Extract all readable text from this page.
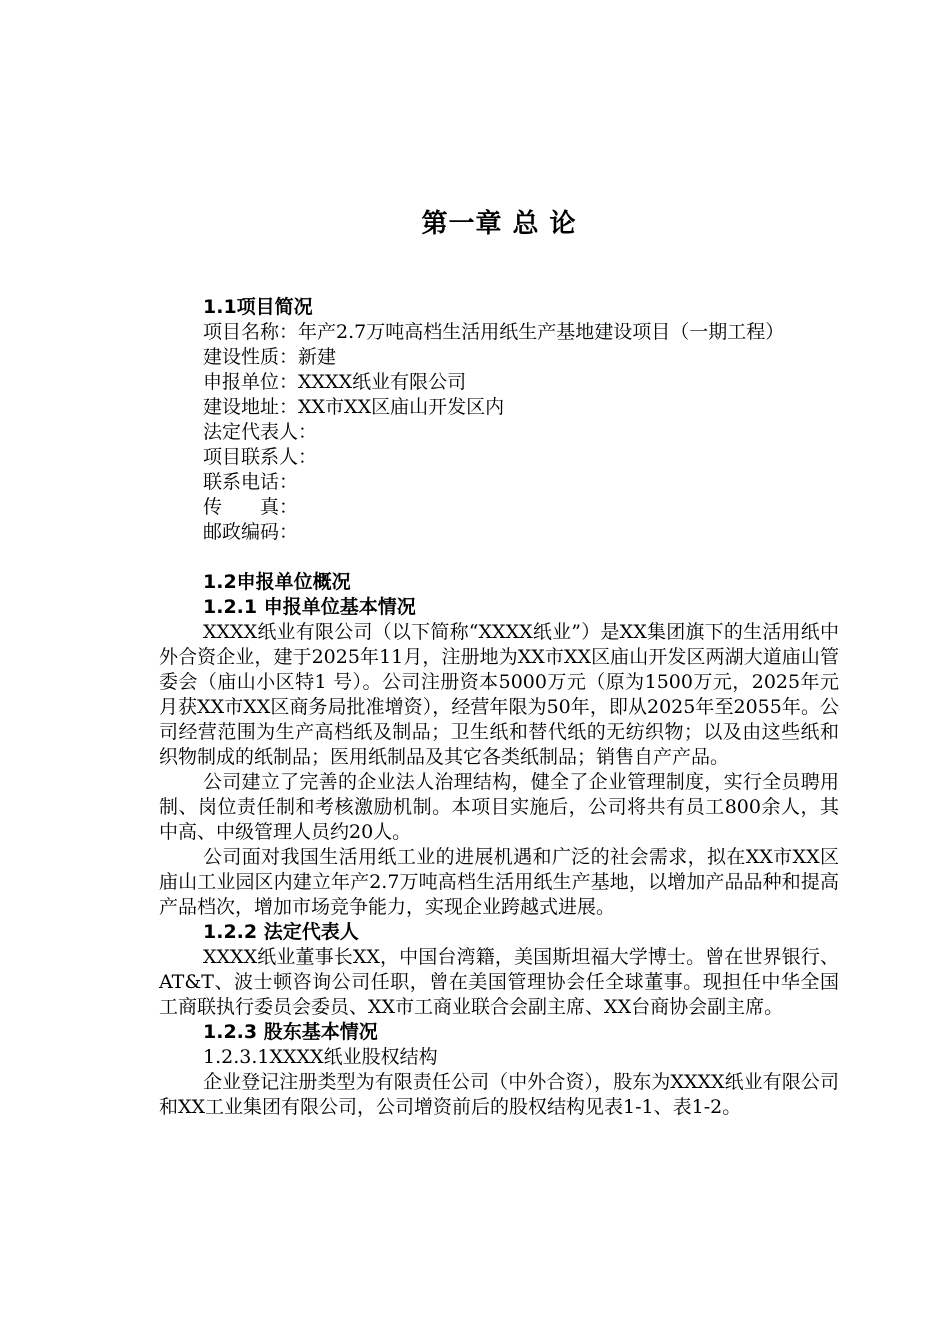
第一章 总 论
1.1项目简况

项目名称：年产2.7万吨高档生活用纸生产基地建设项目（一期工程）

建设性质：新建

申报单位：XXXX纸业有限公司

建设地址：XX市XX区庙山开发区内

法定代表人：

项目联系人：

联系电话：

传　　真：

邮政编码：

1.2申报单位概况
1.2.1 申报单位基本情况

XXXX纸业有限公司（以下简称“XXXX纸业”）是XX集团旗下的生活用纸中外合资企业，建于2025年11月，注册地为XX市XX区庙山开发区两湖大道庙山管委会（庙山小区特1 号）。公司注册资本5000万元（原为1500万元，2025年元月获XX市XX区商务局批准增资），经营年限为50年，即从2025年至2055年。公司经营范围为生产高档纸及制品；卫生纸和替代纸的无纺织物；以及由这些纸和织物制成的纸制品；医用纸制品及其它各类纸制品；销售自产产品。

公司建立了完善的企业法人治理结构，健全了企业管理制度，实行全员聘用制、岗位责任制和考核激励机制。本项目实施后，公司将共有员工800余人，其中高、中级管理人员约20人。

公司面对我国生活用纸工业的进展机遇和广泛的社会需求，拟在XX市XX区庙山工业园区内建立年产2.7万吨高档生活用纸生产基地，以增加产品品种和提高产品档次，增加市场竞争能力，实现企业跨越式进展。

1.2.2 法定代表人

XXXX纸业董事长XX，中国台湾籍，美国斯坦福大学博士。曾在世界银行、AT&T、波士顿咨询公司任职，曾在美国管理协会任全球董事。现担任中华全国工商联执行委员会委员、XX市工商业联合会副主席、XX台商协会副主席。

1.2.3 股东基本情况

1.2.3.1XXXX纸业股权结构

企业登记注册类型为有限责任公司（中外合资），股东为XXXX纸业有限公司和XX工业集团有限公司，公司增资前后的股权结构见表1-1、表1-2。
